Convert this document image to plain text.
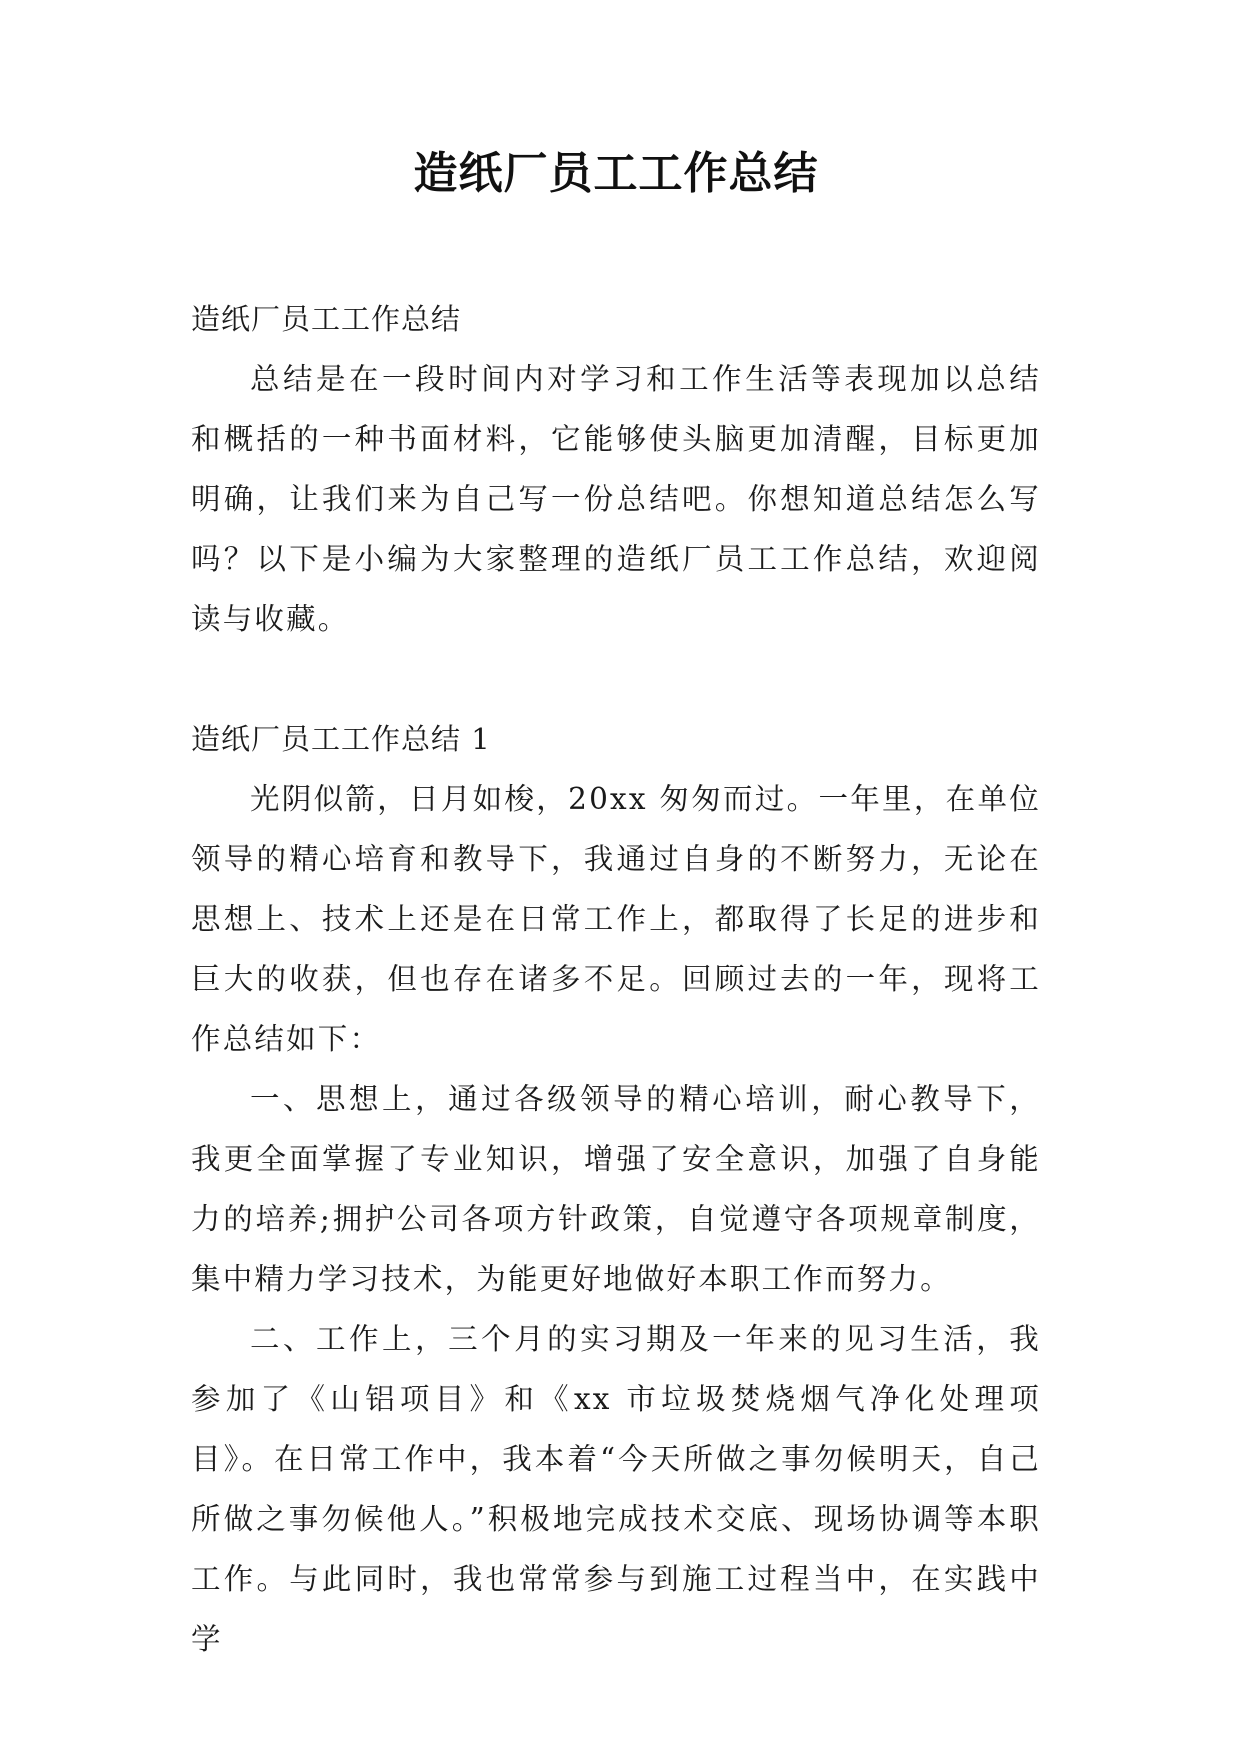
造纸厂员工工作总结

造纸厂员工工作总结

总结是在一段时间内对学习和工作生活等表现加以总结和概括的一种书面材料，它能够使头脑更加清醒，目标更加明确，让我们来为自己写一份总结吧。你想知道总结怎么写吗？以下是小编为大家整理的造纸厂员工工作总结，欢迎阅读与收藏。

造纸厂员工工作总结 1

光阴似箭，日月如梭，20xx 匆匆而过。一年里，在单位领导的精心培育和教导下，我通过自身的不断努力，无论在思想上、技术上还是在日常工作上，都取得了长足的进步和巨大的收获，但也存在诸多不足。回顾过去的一年，现将工作总结如下：

一、思想上，通过各级领导的精心培训，耐心教导下，我更全面掌握了专业知识，增强了安全意识，加强了自身能力的培养;拥护公司各项方针政策，自觉遵守各项规章制度，集中精力学习技术，为能更好地做好本职工作而努力。

二、工作上，三个月的实习期及一年来的见习生活，我参加了《山铝项目》和《xx 市垃圾焚烧烟气净化处理项目》。在日常工作中，我本着“今天所做之事勿候明天，自己所做之事勿候他人。”积极地完成技术交底、现场协调等本职工作。与此同时，我也常常参与到施工过程当中，在实践中学
